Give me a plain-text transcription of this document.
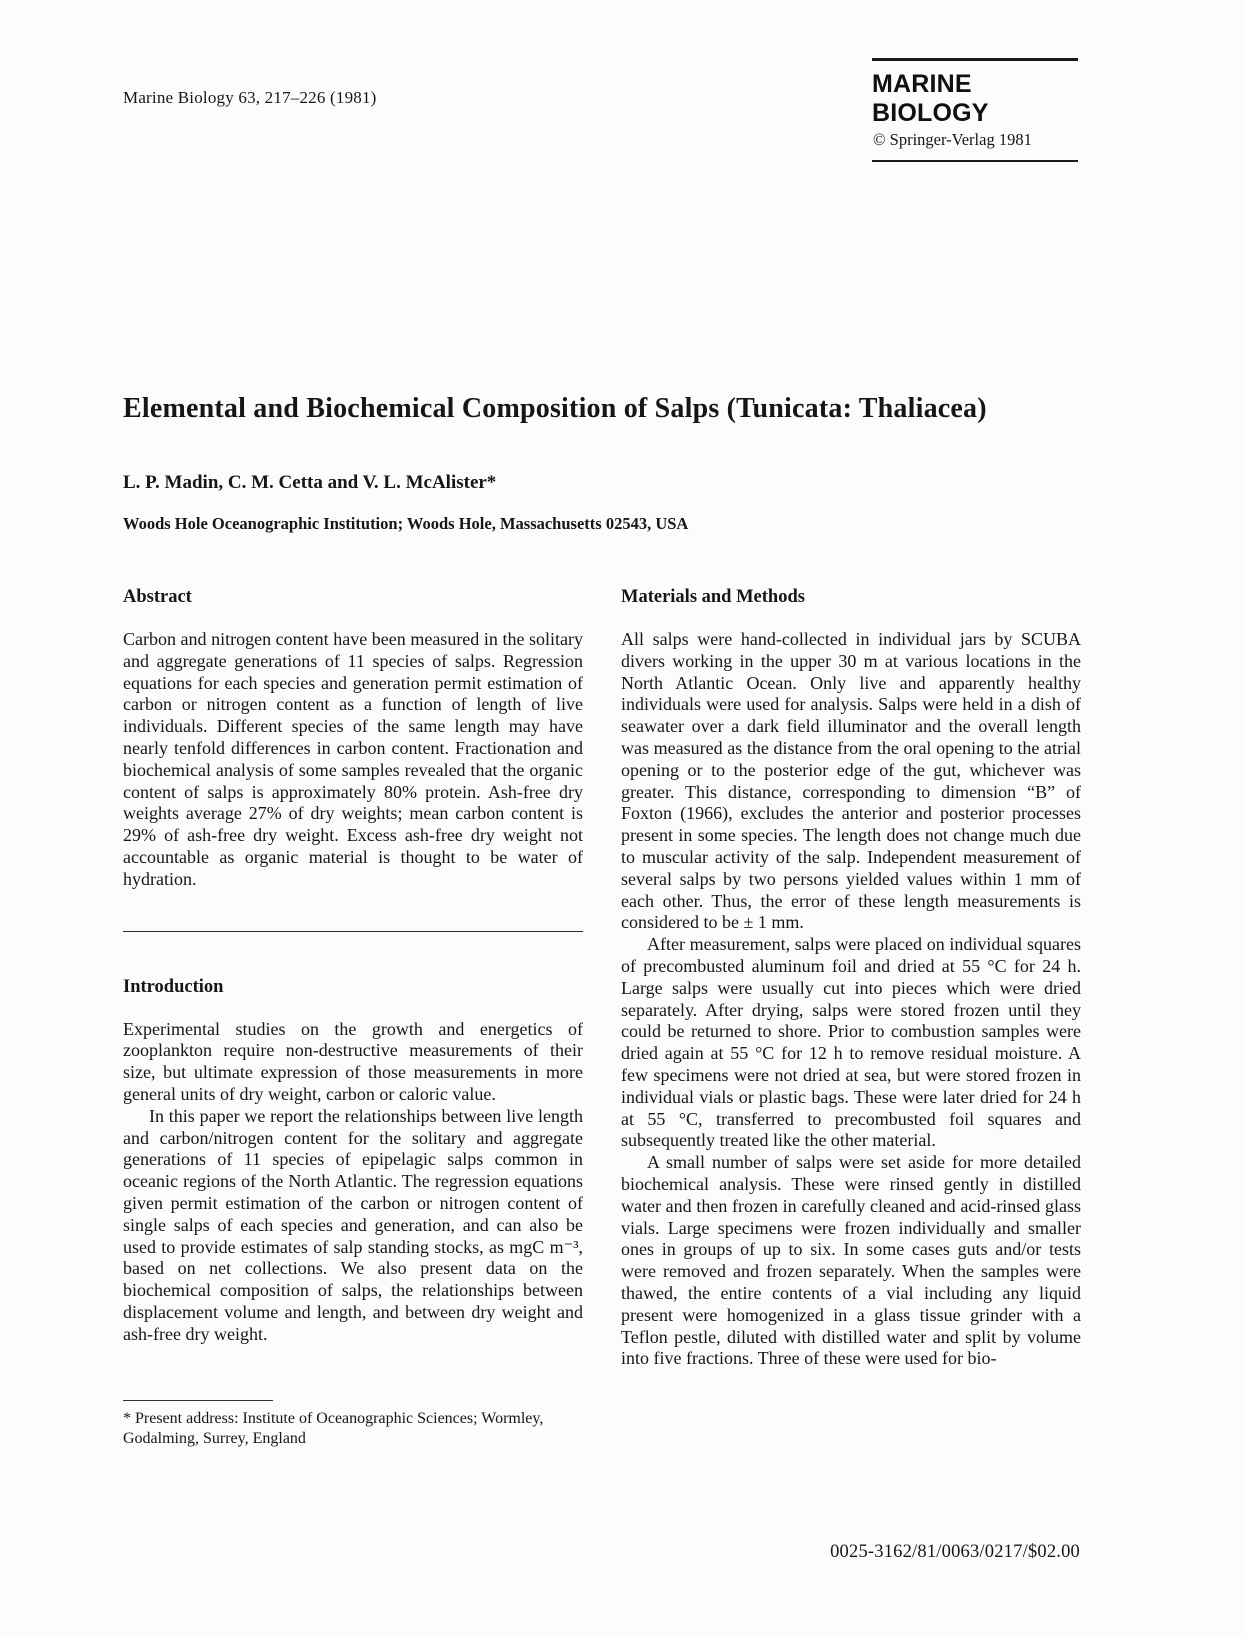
Marine Biology 63, 217–226 (1981)	MARINE BIOLOGY
© Springer-Verlag 1981
Elemental and Biochemical Composition of Salps (Tunicata: Thaliacea)
L. P. Madin, C. M. Cetta and V. L. McAlister*
Woods Hole Oceanographic Institution; Woods Hole, Massachusetts 02543, USA
Abstract

Carbon and nitrogen content have been measured in the solitary and aggregate generations of 11 species of salps. Regression equations for each species and generation permit estimation of carbon or nitrogen content as a function of length of live individuals. Different species of the same length may have nearly tenfold differences in carbon content. Fractionation and biochemical analysis of some samples revealed that the organic content of salps is approximately 80% protein. Ash-free dry weights average 27% of dry weights; mean carbon content is 29% of ash-free dry weight. Excess ash-free dry weight not accountable as organic material is thought to be water of hydration.

Introduction

Experimental studies on the growth and energetics of zooplankton require non-destructive measurements of their size, but ultimate expression of those measurements in more general units of dry weight, carbon or caloric value.

In this paper we report the relationships between live length and carbon/nitrogen content for the solitary and aggregate generations of 11 species of epipelagic salps common in oceanic regions of the North Atlantic. The regression equations given permit estimation of the carbon or nitrogen content of single salps of each species and generation, and can also be used to provide estimates of salp standing stocks, as mgC m⁻³, based on net collections. We also present data on the biochemical composition of salps, the relationships between displacement volume and length, and between dry weight and ash-free dry weight.

* Present address: Institute of Oceanographic Sciences; Wormley, Godalming, Surrey, England

Materials and Methods

All salps were hand-collected in individual jars by SCUBA divers working in the upper 30 m at various locations in the North Atlantic Ocean. Only live and apparently healthy individuals were used for analysis. Salps were held in a dish of seawater over a dark field illuminator and the overall length was measured as the distance from the oral opening to the atrial opening or to the posterior edge of the gut, whichever was greater. This distance, corresponding to dimension “B” of Foxton (1966), excludes the anterior and posterior processes present in some species. The length does not change much due to muscular activity of the salp. Independent measurement of several salps by two persons yielded values within 1 mm of each other. Thus, the error of these length measurements is considered to be ± 1 mm.

After measurement, salps were placed on individual squares of precombusted aluminum foil and dried at 55 °C for 24 h. Large salps were usually cut into pieces which were dried separately. After drying, salps were stored frozen until they could be returned to shore. Prior to combustion samples were dried again at 55 °C for 12 h to remove residual moisture. A few specimens were not dried at sea, but were stored frozen in individual vials or plastic bags. These were later dried for 24 h at 55 °C, transferred to precombusted foil squares and subsequently treated like the other material.

A small number of salps were set aside for more detailed biochemical analysis. These were rinsed gently in distilled water and then frozen in carefully cleaned and acid-rinsed glass vials. Large specimens were frozen individually and smaller ones in groups of up to six. In some cases guts and/or tests were removed and frozen separately. When the samples were thawed, the entire contents of a vial including any liquid present were homogenized in a glass tissue grinder with a Teflon pestle, diluted with distilled water and split by volume into five fractions. Three of these were used for bio-

0025-3162/81/0063/0217/$02.00
